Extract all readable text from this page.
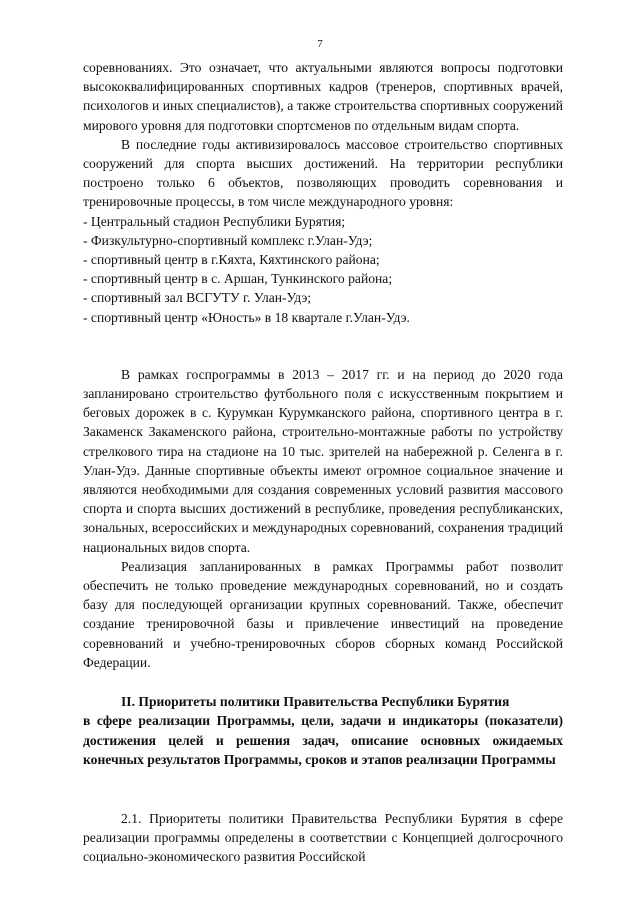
7

соревнованиях. Это означает, что актуальными являются вопросы подготовки высококвалифицированных спортивных кадров (тренеров, спортивных врачей, психологов и иных специалистов), а также строительства спортивных сооружений мирового уровня для подготовки спортсменов по отдельным видам спорта.

В последние годы активизировалось массовое строительство спортивных сооружений для спорта высших достижений. На территории республики построено только 6 объектов, позволяющих проводить соревнования и тренировочные процессы, в том числе международного уровня:

- Центральный стадион Республики Бурятия;
- Физкультурно-спортивный комплекс г.Улан-Удэ;
- спортивный центр в г.Кяхта, Кяхтинского района;
- спортивный центр в с. Аршан, Тункинского района;
- спортивный зал ВСГУТУ г. Улан-Удэ;
- спортивный центр «Юность» в 18 квартале г.Улан-Удэ.

В рамках госпрограммы в 2013 – 2017 гг. и на период до 2020 года запланировано строительство футбольного поля с искусственным покрытием и беговых дорожек в с. Курумкан Курумканского района, спортивного центра в г. Закаменск Закаменского района, строительно-монтажные работы по устройству стрелкового тира на стадионе на 10 тыс. зрителей на набережной р. Селенга в г. Улан-Удэ. Данные спортивные объекты имеют огромное социальное значение и являются необходимыми для создания современных условий развития массового спорта и спорта высших достижений в республике, проведения республиканских, зональных, всероссийских и международных соревнований, сохранения традиций национальных видов спорта.

Реализация запланированных в рамках Программы работ позволит обеспечить не только проведение международных соревнований, но и создать базу для последующей организации крупных соревнований. Также, обеспечит создание тренировочной базы и привлечение инвестиций на проведение соревнований и учебно-тренировочных сборов сборных команд Российской Федерации.

II. Приоритеты политики Правительства Республики Бурятия
в сфере реализации Программы, цели, задачи и индикаторы (показатели) достижения целей и решения задач, описание основных ожидаемых конечных результатов Программы, сроков и этапов реализации Программы

2.1. Приоритеты политики Правительства Республики Бурятия в сфере реализации программы определены в соответствии с Концепцией долгосрочного социально-экономического развития Российской
